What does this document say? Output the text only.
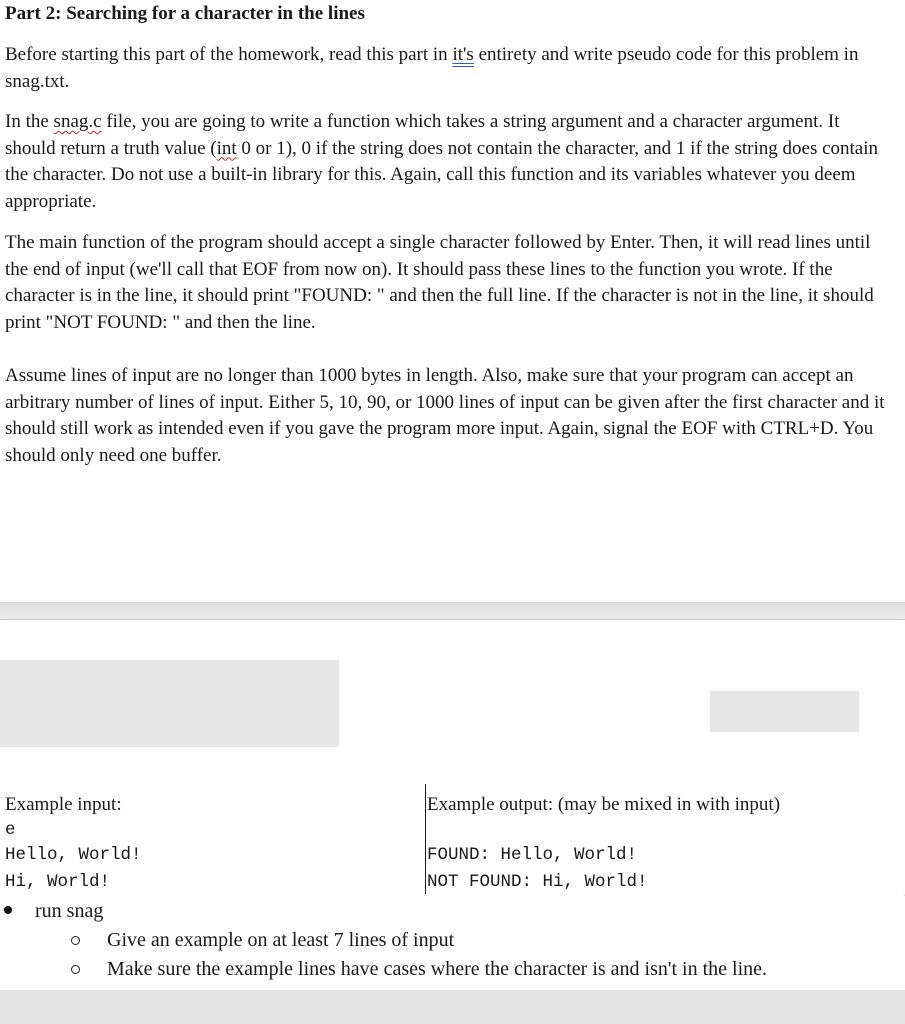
Part 2: Searching for a character in the lines

Before starting this part of the homework, read this part in it's entirety and write pseudo code for this problem in snag.txt.

In the snag.c file, you are going to write a function which takes a string argument and a character argument. It should return a truth value (int 0 or 1), 0 if the string does not contain the character, and 1 if the string does contain the character. Do not use a built-in library for this. Again, call this function and its variables whatever you deem appropriate.

The main function of the program should accept a single character followed by Enter. Then, it will read lines until the end of input (we'll call that EOF from now on). It should pass these lines to the function you wrote. If the character is in the line, it should print "FOUND: " and then the full line. If the character is not in the line, it should print "NOT FOUND: " and then the line.

Assume lines of input are no longer than 1000 bytes in length. Also, make sure that your program can accept an arbitrary number of lines of input. Either 5, 10, 90, or 1000 lines of input can be given after the first character and it should still work as intended even if you gave the program more input. Again, signal the EOF with CTRL+D. You should only need one buffer.

Example input:	Example output: (may be mixed in with input)

e
Hello, World!
Hi, World!
FOUND: Hello, World!
NOT FOUND: Hi, World!

run snag

Give an example on at least 7 lines of input

Make sure the example lines have cases where the character is and isn't in the line.
